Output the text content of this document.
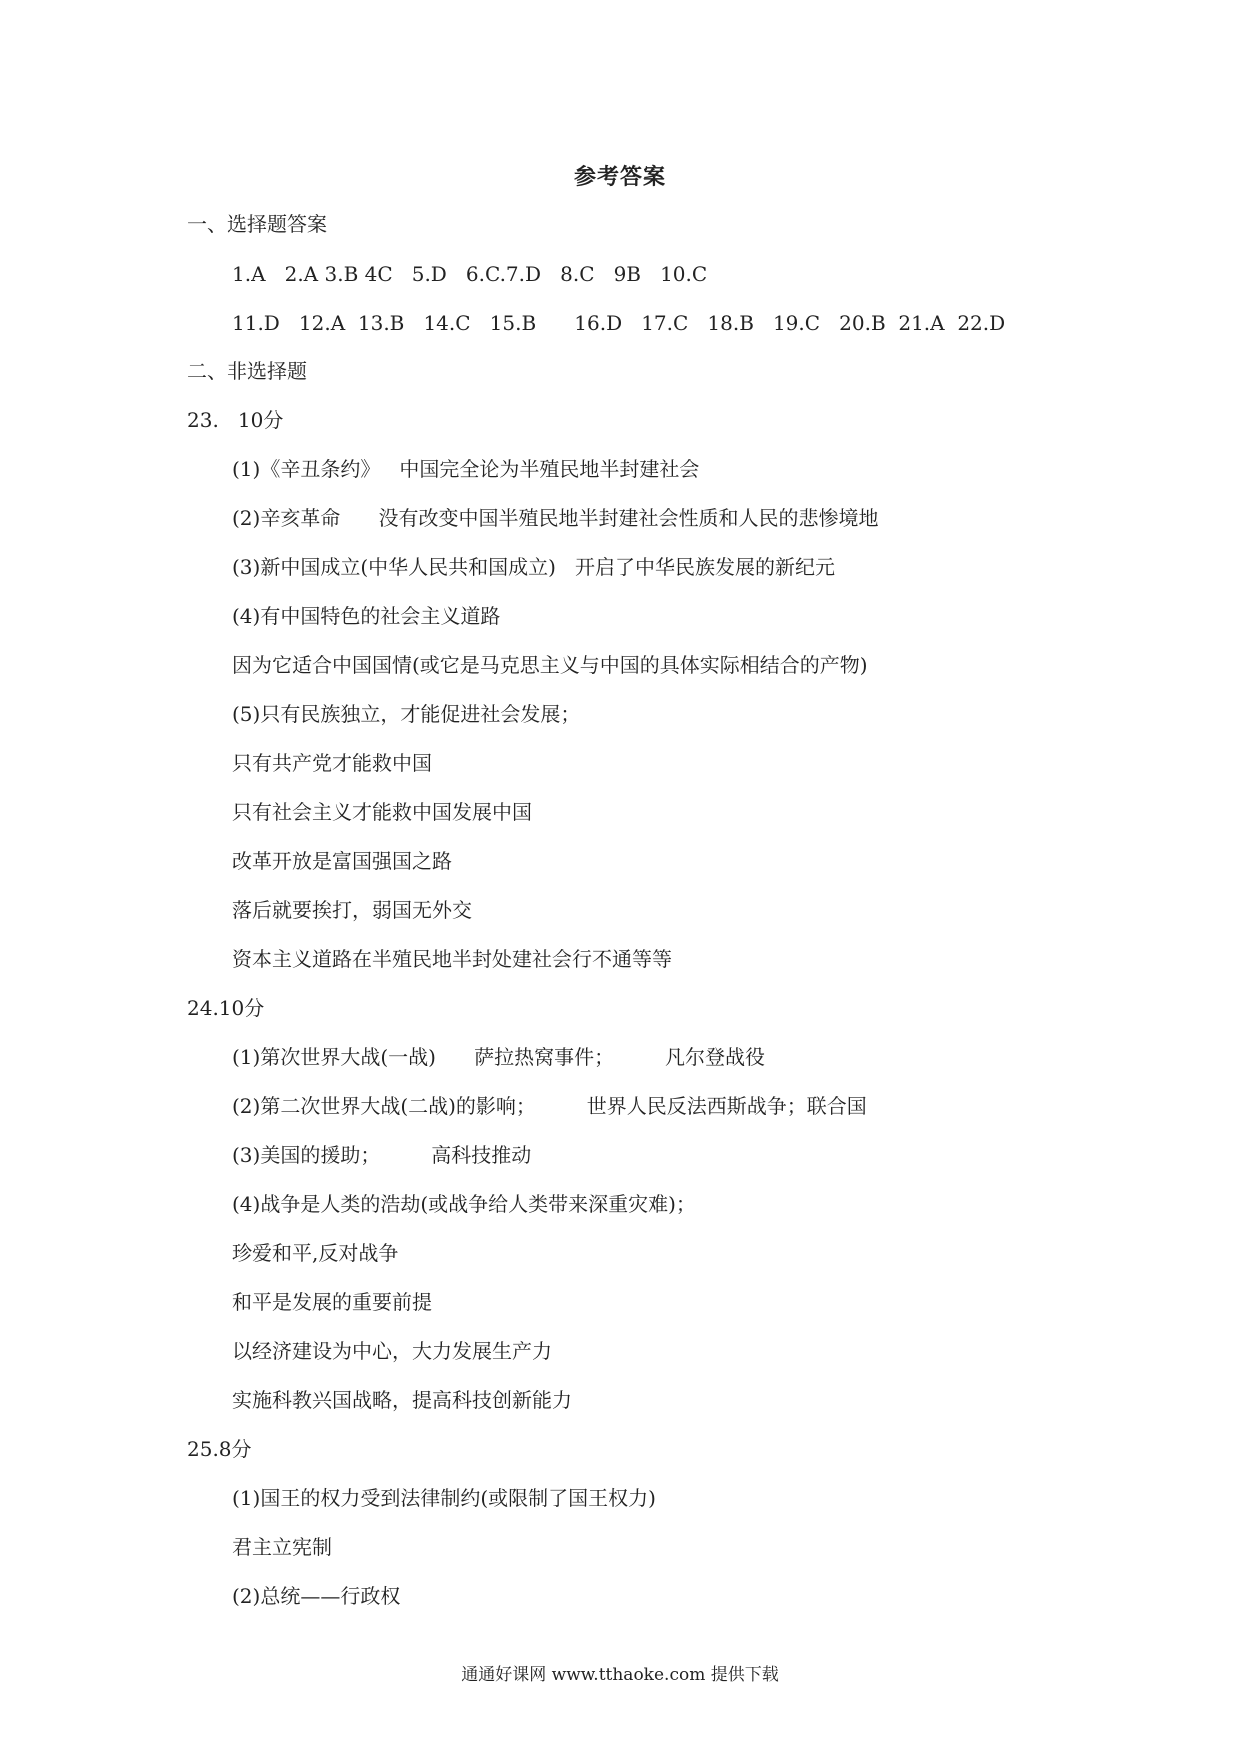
参考答案
一、选择题答案
1.A   2.A 3.B 4C   5.D   6.C.7.D   8.C   9B   10.C
11.D   12.A  13.B   14.C   15.B      16.D   17.C   18.B   19.C   20.B  21.A  22.D
二、非选择题
23.   10分
(1)《辛丑条约》   中国完全论为半殖民地半封建社会
(2)辛亥革命      没有改变中国半殖民地半封建社会性质和人民的悲惨境地
(3)新中国成立(中华人民共和国成立)   开启了中华民族发展的新纪元
(4)有中国特色的社会主义道路
因为它适合中国国情(或它是马克思主义与中国的具体实际相结合的产物)
(5)只有民族独立，才能促进社会发展；
只有共产党才能救中国
只有社会主义才能救中国发展中国
改革开放是富国强国之路
落后就要挨打，弱国无外交
资本主义道路在半殖民地半封处建社会行不通等等
24.10分
(1)第次世界大战(一战)      萨拉热窝事件；        凡尔登战役
(2)第二次世界大战(二战)的影响；        世界人民反法西斯战争；联合国
(3)美国的援助；        高科技推动
(4)战争是人类的浩劫(或战争给人类带来深重灾难)；
珍爱和平,反对战争
和平是发展的重要前提
以经济建设为中心，大力发展生产力
实施科教兴国战略，提高科技创新能力
25.8分
(1)国王的权力受到法律制约(或限制了国王权力)
君主立宪制
(2)总统——行政权
通通好课网 www.tthaoke.com 提供下载
